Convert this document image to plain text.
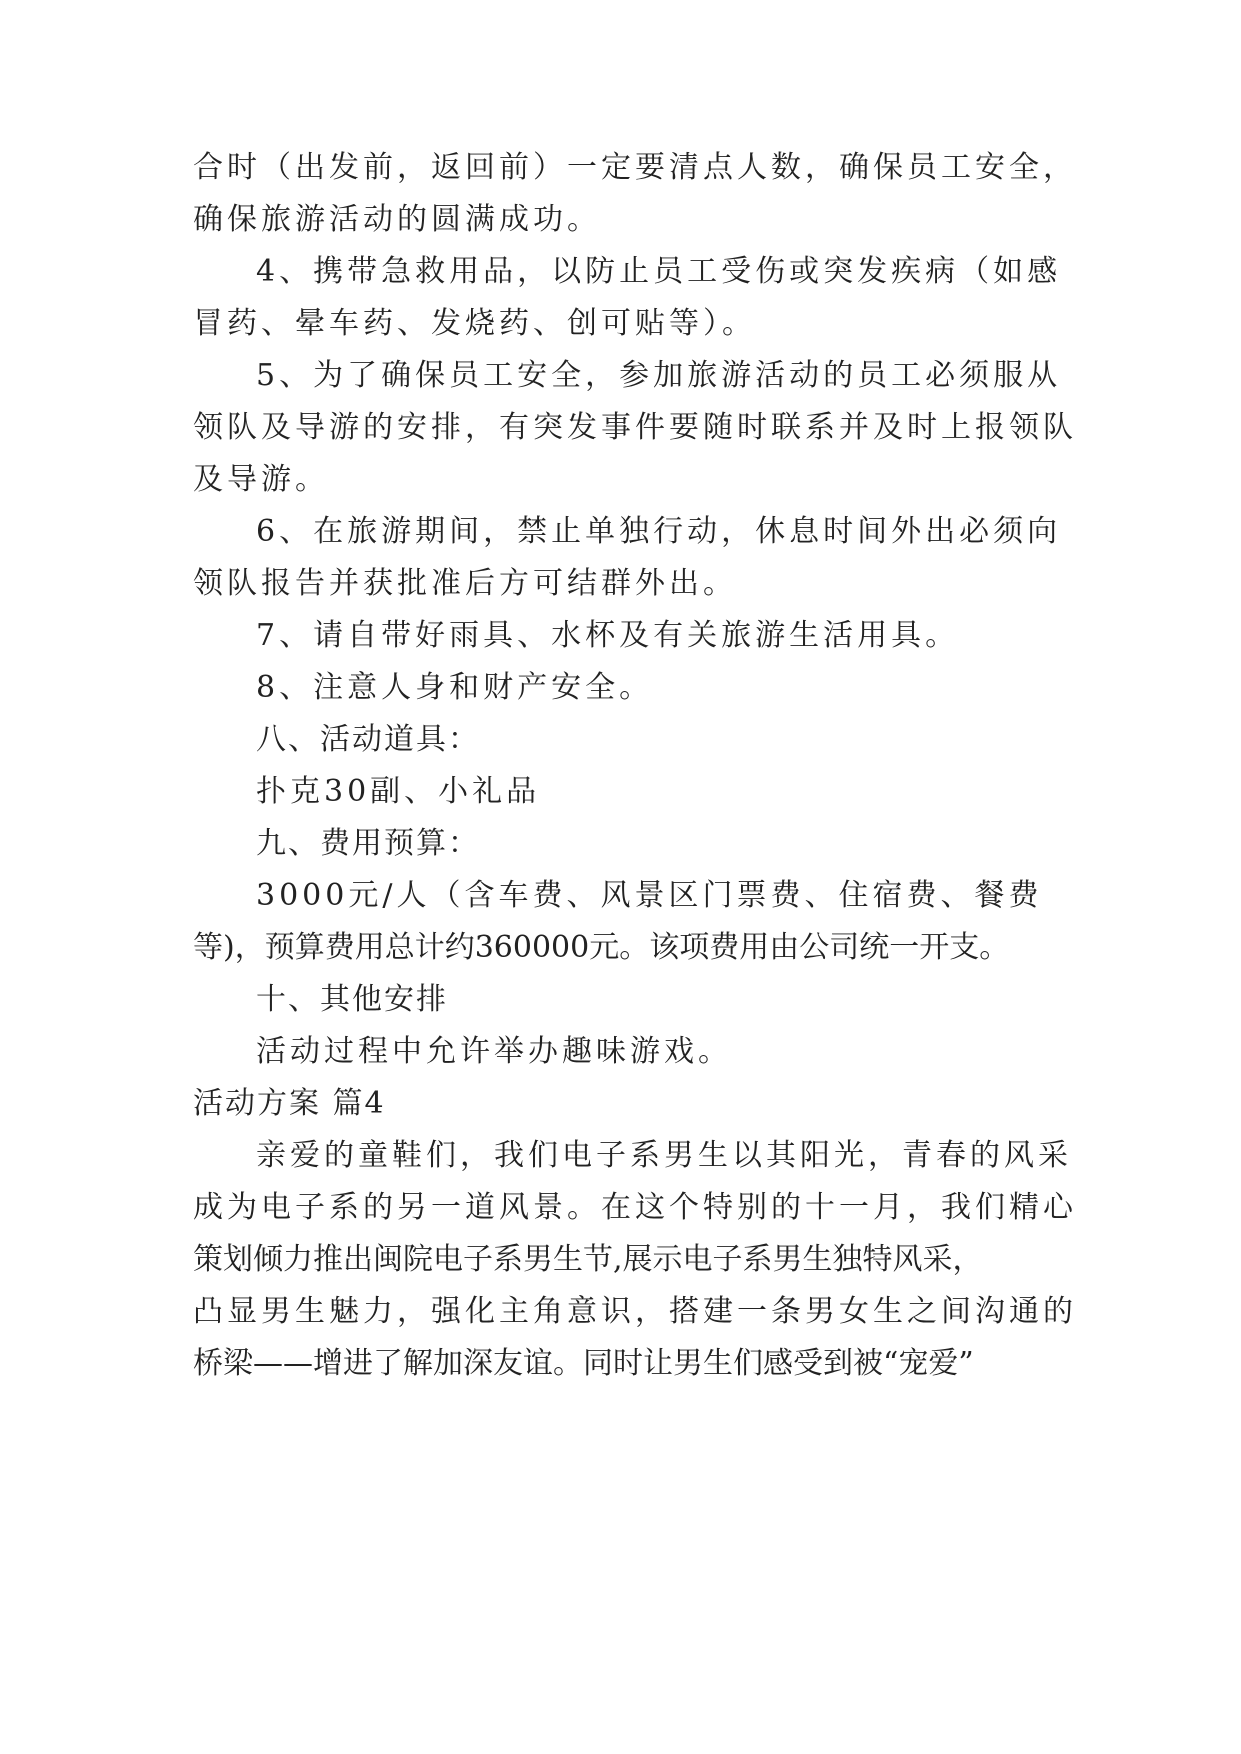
合时（出发前，返回前）一定要清点人数，确保员工安全，
确保旅游活动的圆满成功。
4、携带急救用品，以防止员工受伤或突发疾病（如感
冒药、晕车药、发烧药、创可贴等）。
5、为了确保员工安全，参加旅游活动的员工必须服从
领队及导游的安排，有突发事件要随时联系并及时上报领队
及导游。
6、在旅游期间，禁止单独行动，休息时间外出必须向
领队报告并获批准后方可结群外出。
7、请自带好雨具、水杯及有关旅游生活用具。
8、注意人身和财产安全。
八、活动道具：
扑克30副、小礼品
九、费用预算：
3000元/人（含车费、风景区门票费、住宿费、餐费
等)，预算费用总计约360000元。该项费用由公司统一开支。
十、其他安排
活动过程中允许举办趣味游戏。
活动方案 篇4
亲爱的童鞋们，我们电子系男生以其阳光，青春的风采
成为电子系的另一道风景。在这个特别的十一月，我们精心
策划倾力推出闽院电子系男生节,展示电子系男生独特风采，
凸显男生魅力，强化主角意识，搭建一条男女生之间沟通的
桥梁——增进了解加深友谊。同时让男生们感受到被“宠爱”
